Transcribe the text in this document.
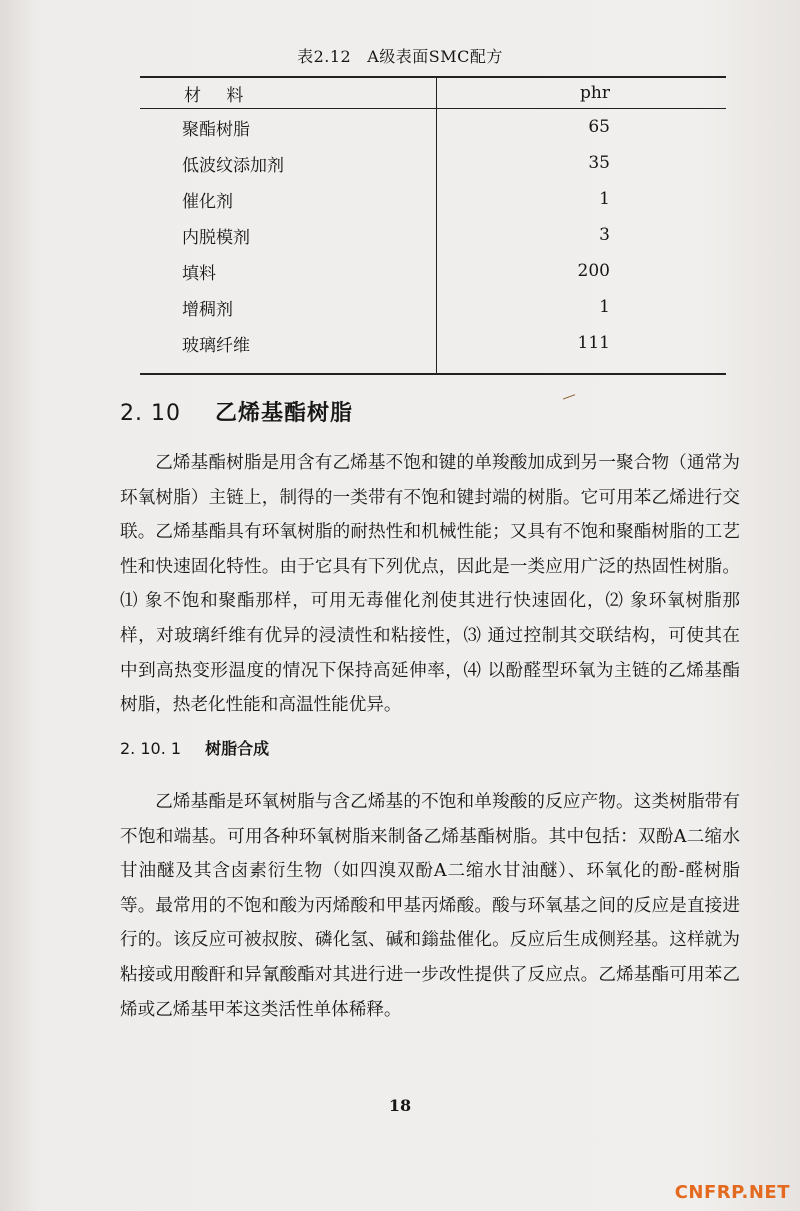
表2.12 A级表面SMC配方
材 料	phr
聚酯树脂	65
低波纹添加剂	35
催化剂	1
内脱模剂	3
填料	200
增稠剂	1
玻璃纤维	111
—
2. 10 乙烯基酯树脂

乙烯基酯树脂是用含有乙烯基不饱和键的单羧酸加成到另一聚合物（通常为环氧树脂）主链上，制得的一类带有不饱和键封端的树脂。它可用苯乙烯进行交联。乙烯基酯具有环氧树脂的耐热性和机械性能；又具有不饱和聚酯树脂的工艺性和快速固化特性。由于它具有下列优点，因此是一类应用广泛的热固性树脂。⑴ 象不饱和聚酯那样，可用无毒催化剂使其进行快速固化，⑵ 象环氧树脂那样，对玻璃纤维有优异的浸渍性和粘接性，⑶ 通过控制其交联结构，可使其在中到高热变形温度的情况下保持高延伸率，⑷ 以酚醛型环氧为主链的乙烯基酯树脂，热老化性能和高温性能优异。

2. 10. 1 树脂合成

乙烯基酯是环氧树脂与含乙烯基的不饱和单羧酸的反应产物。这类树脂带有不饱和端基。可用各种环氧树脂来制备乙烯基酯树脂。其中包括：双酚A二缩水甘油醚及其含卤素衍生物（如四溴双酚A二缩水甘油醚）、环氧化的酚-醛树脂等。最常用的不饱和酸为丙烯酸和甲基丙烯酸。酸与环氧基之间的反应是直接进行的。该反应可被叔胺、磷化氢、碱和鎓盐催化。反应后生成侧羟基。这样就为粘接或用酸酐和异氰酸酯对其进行进一步改性提供了反应点。乙烯基酯可用苯乙烯或乙烯基甲苯这类活性单体稀释。

18
CNFRP.NET
